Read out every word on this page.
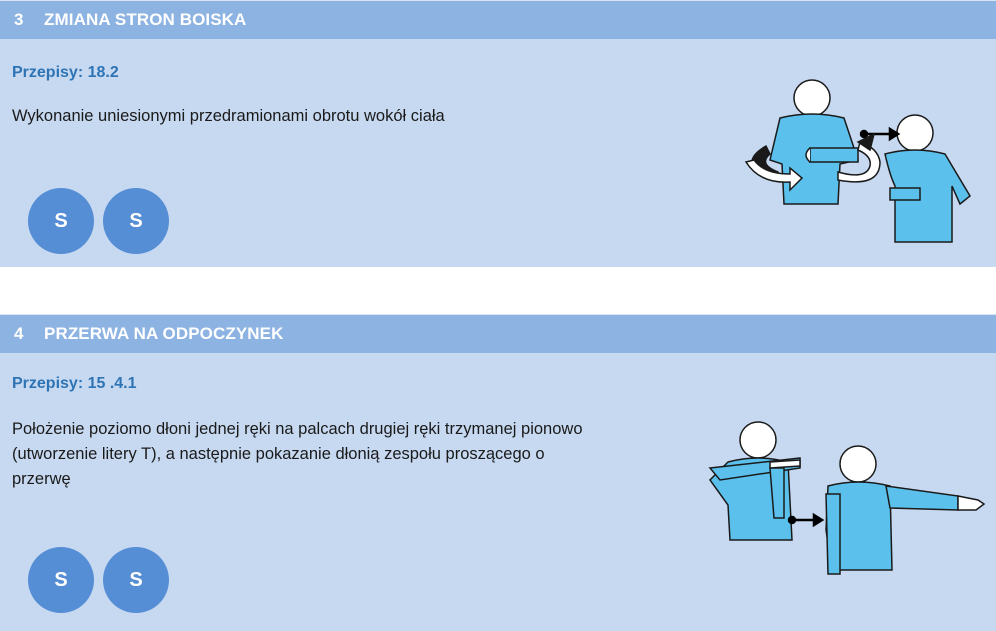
3	ZMIANA STRON BOISKA
Przepisy: 18.2
Wykonanie uniesionymi przedramionami obrotu wokół ciała
S	S
4	PRZERWA NA ODPOCZYNEK
Przepisy: 15 .4.1
Położenie poziomo dłoni jednej ręki na palcach drugiej ręki trzymanej pionowo
(utworzenie litery T), a następnie pokazanie dłonią zespołu proszącego o
przerwę
S	S
